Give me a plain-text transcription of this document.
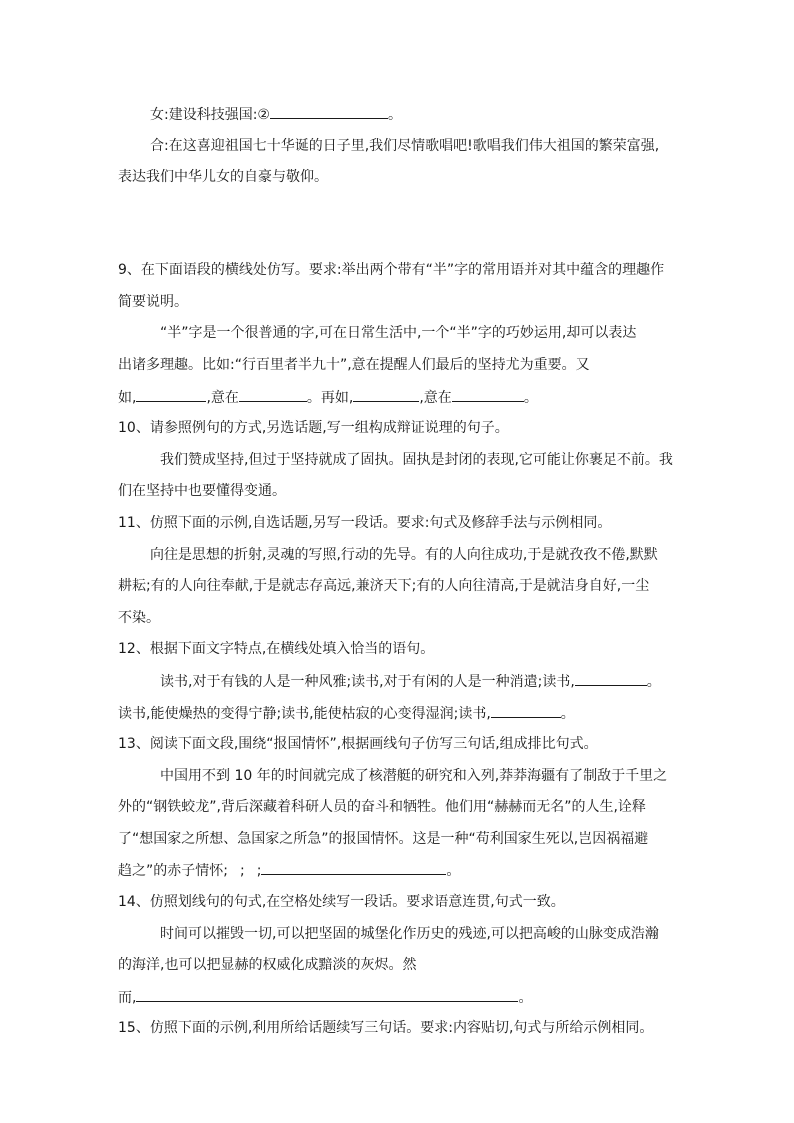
女:建设科技强国:②	。
合:在这喜迎祖国七十华诞的日子里,我们尽情歌唱吧!歌唱我们伟大祖国的繁荣富强,
表达我们中华儿女的自豪与敬仰。
9、在下面语段的横线处仿写。要求:举出两个带有“半”字的常用语并对其中蕴含的理趣作
简要说明。
“半”字是一个很普通的字,可在日常生活中,一个“半”字的巧妙运用,却可以表达
出诸多理趣。比如:“行百里者半九十”,意在提醒人们最后的坚持尤为重要。又
如,	,意在	。再如,	,意在	。
10、请参照例句的方式,另选话题,写一组构成辩证说理的句子。
我们赞成坚持,但过于坚持就成了固执。固执是封闭的表现,它可能让你裹足不前。我
们在坚持中也要懂得变通。
11、仿照下面的示例,自选话题,另写一段话。要求:句式及修辞手法与示例相同。
向往是思想的折射,灵魂的写照,行动的先导。有的人向往成功,于是就孜孜不倦,默默
耕耘;有的人向往奉献,于是就志存高远,兼济天下;有的人向往清高,于是就洁身自好,一尘
不染。
12、根据下面文字特点,在横线处填入恰当的语句。
读书,对于有钱的人是一种风雅;读书,对于有闲的人是一种消遣;读书,	。
读书,能使燥热的变得宁静;读书,能使枯寂的心变得湿润;读书,	。
13、阅读下面文段,围绕“报国情怀”,根据画线句子仿写三句话,组成排比句式。
中国用不到 10 年的时间就完成了核潜艇的研究和入列,莽莽海疆有了制敌于千里之
外的“钢铁蛟龙”,背后深藏着科研人员的奋斗和牺牲。他们用“赫赫而无名”的人生,诠释
了“想国家之所想、急国家之所急”的报国情怀。这是一种“苟利国家生死以,岂因祸福避
趋之”的赤子情怀; ; ;	。
14、仿照划线句的句式,在空格处续写一段话。要求语意连贯,句式一致。
时间可以摧毁一切,可以把坚固的城堡化作历史的残迹,可以把高峻的山脉变成浩瀚
的海洋,也可以把显赫的权威化成黯淡的灰烬。然
而,	。
15、仿照下面的示例,利用所给话题续写三句话。要求:内容贴切,句式与所给示例相同。
